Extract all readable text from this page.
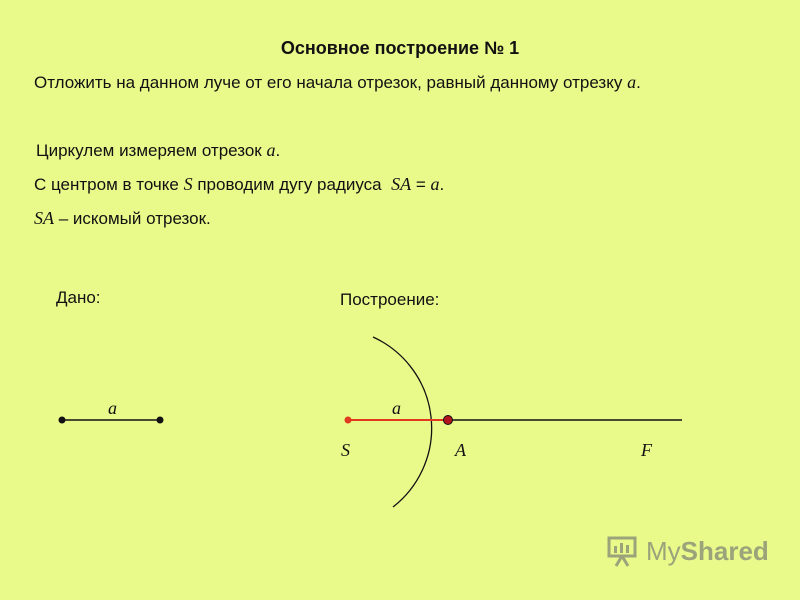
Основное построение № 1
Отложить на данном луче от его начала отрезок, равный данному отрезку a.
Циркулем измеряем отрезок a.
С центром в точке S проводим дугу радиуса SA = a.
SA – искомый отрезок.
Дано:	Построение:
a	a
S	A	F
MyShared
